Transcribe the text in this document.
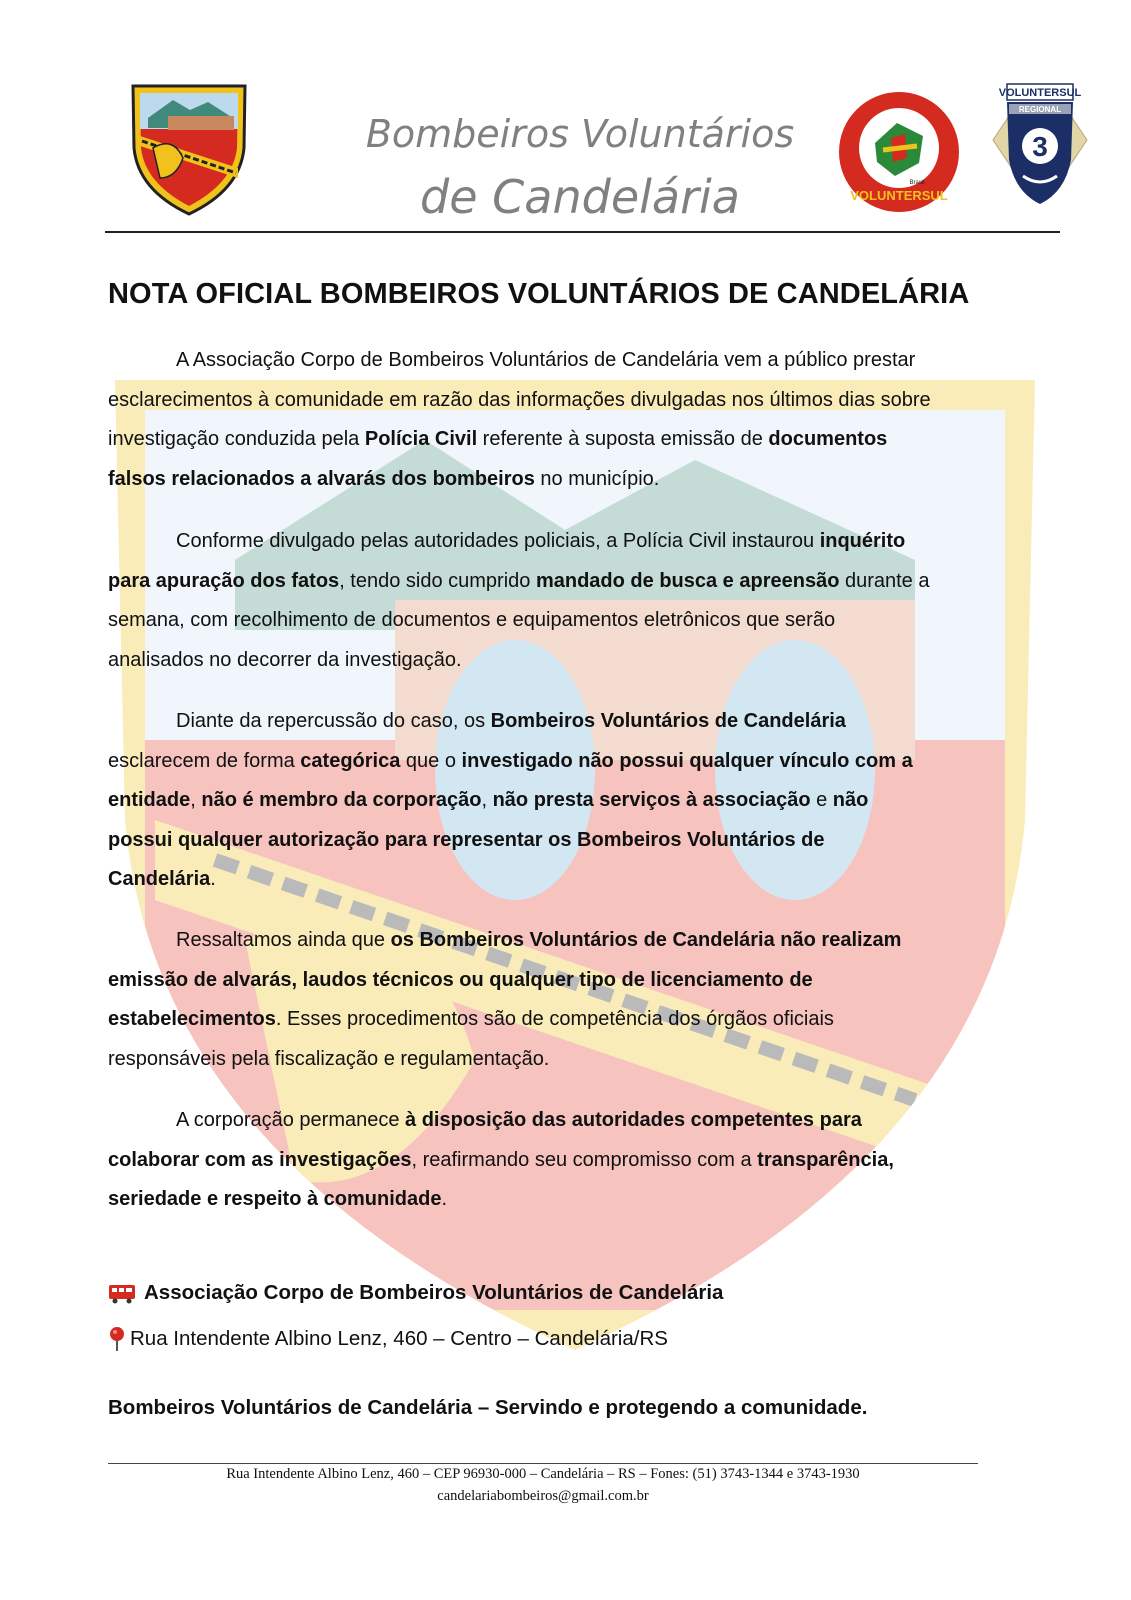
Bombeiros Voluntários
de Candelária	VOLUNTERSUL
Brasil
VOLUNTERSUL
REGIONAL
3
NOTA OFICIAL BOMBEIROS VOLUNTÁRIOS DE CANDELÁRIA
A Associação Corpo de Bombeiros Voluntários de Candelária vem a público prestar
esclarecimentos à comunidade em razão das informações divulgadas nos últimos dias sobre
investigação conduzida pela Polícia Civil referente à suposta emissão de documentos
falsos relacionados a alvarás dos bombeiros no município.
Conforme divulgado pelas autoridades policiais, a Polícia Civil instaurou inquérito
para apuração dos fatos, tendo sido cumprido mandado de busca e apreensão durante a
semana, com recolhimento de documentos e equipamentos eletrônicos que serão
analisados no decorrer da investigação.
Diante da repercussão do caso, os Bombeiros Voluntários de Candelária
esclarecem de forma categórica que o investigado não possui qualquer vínculo com a
entidade, não é membro da corporação, não presta serviços à associação e não
possui qualquer autorização para representar os Bombeiros Voluntários de
Candelária.
Ressaltamos ainda que os Bombeiros Voluntários de Candelária não realizam
emissão de alvarás, laudos técnicos ou qualquer tipo de licenciamento de
estabelecimentos. Esses procedimentos são de competência dos órgãos oficiais
responsáveis pela fiscalização e regulamentação.
A corporação permanece à disposição das autoridades competentes para
colaborar com as investigações, reafirmando seu compromisso com a transparência,
seriedade e respeito à comunidade.
Associação Corpo de Bombeiros Voluntários de Candelária
Rua Intendente Albino Lenz, 460 – Centro – Candelária/RS
Bombeiros Voluntários de Candelária – Servindo e protegendo a comunidade.
Rua Intendente Albino Lenz, 460 – CEP 96930-000 – Candelária – RS – Fones: (51) 3743-1344 e 3743-1930
candelariabombeiros@gmail.com.br
